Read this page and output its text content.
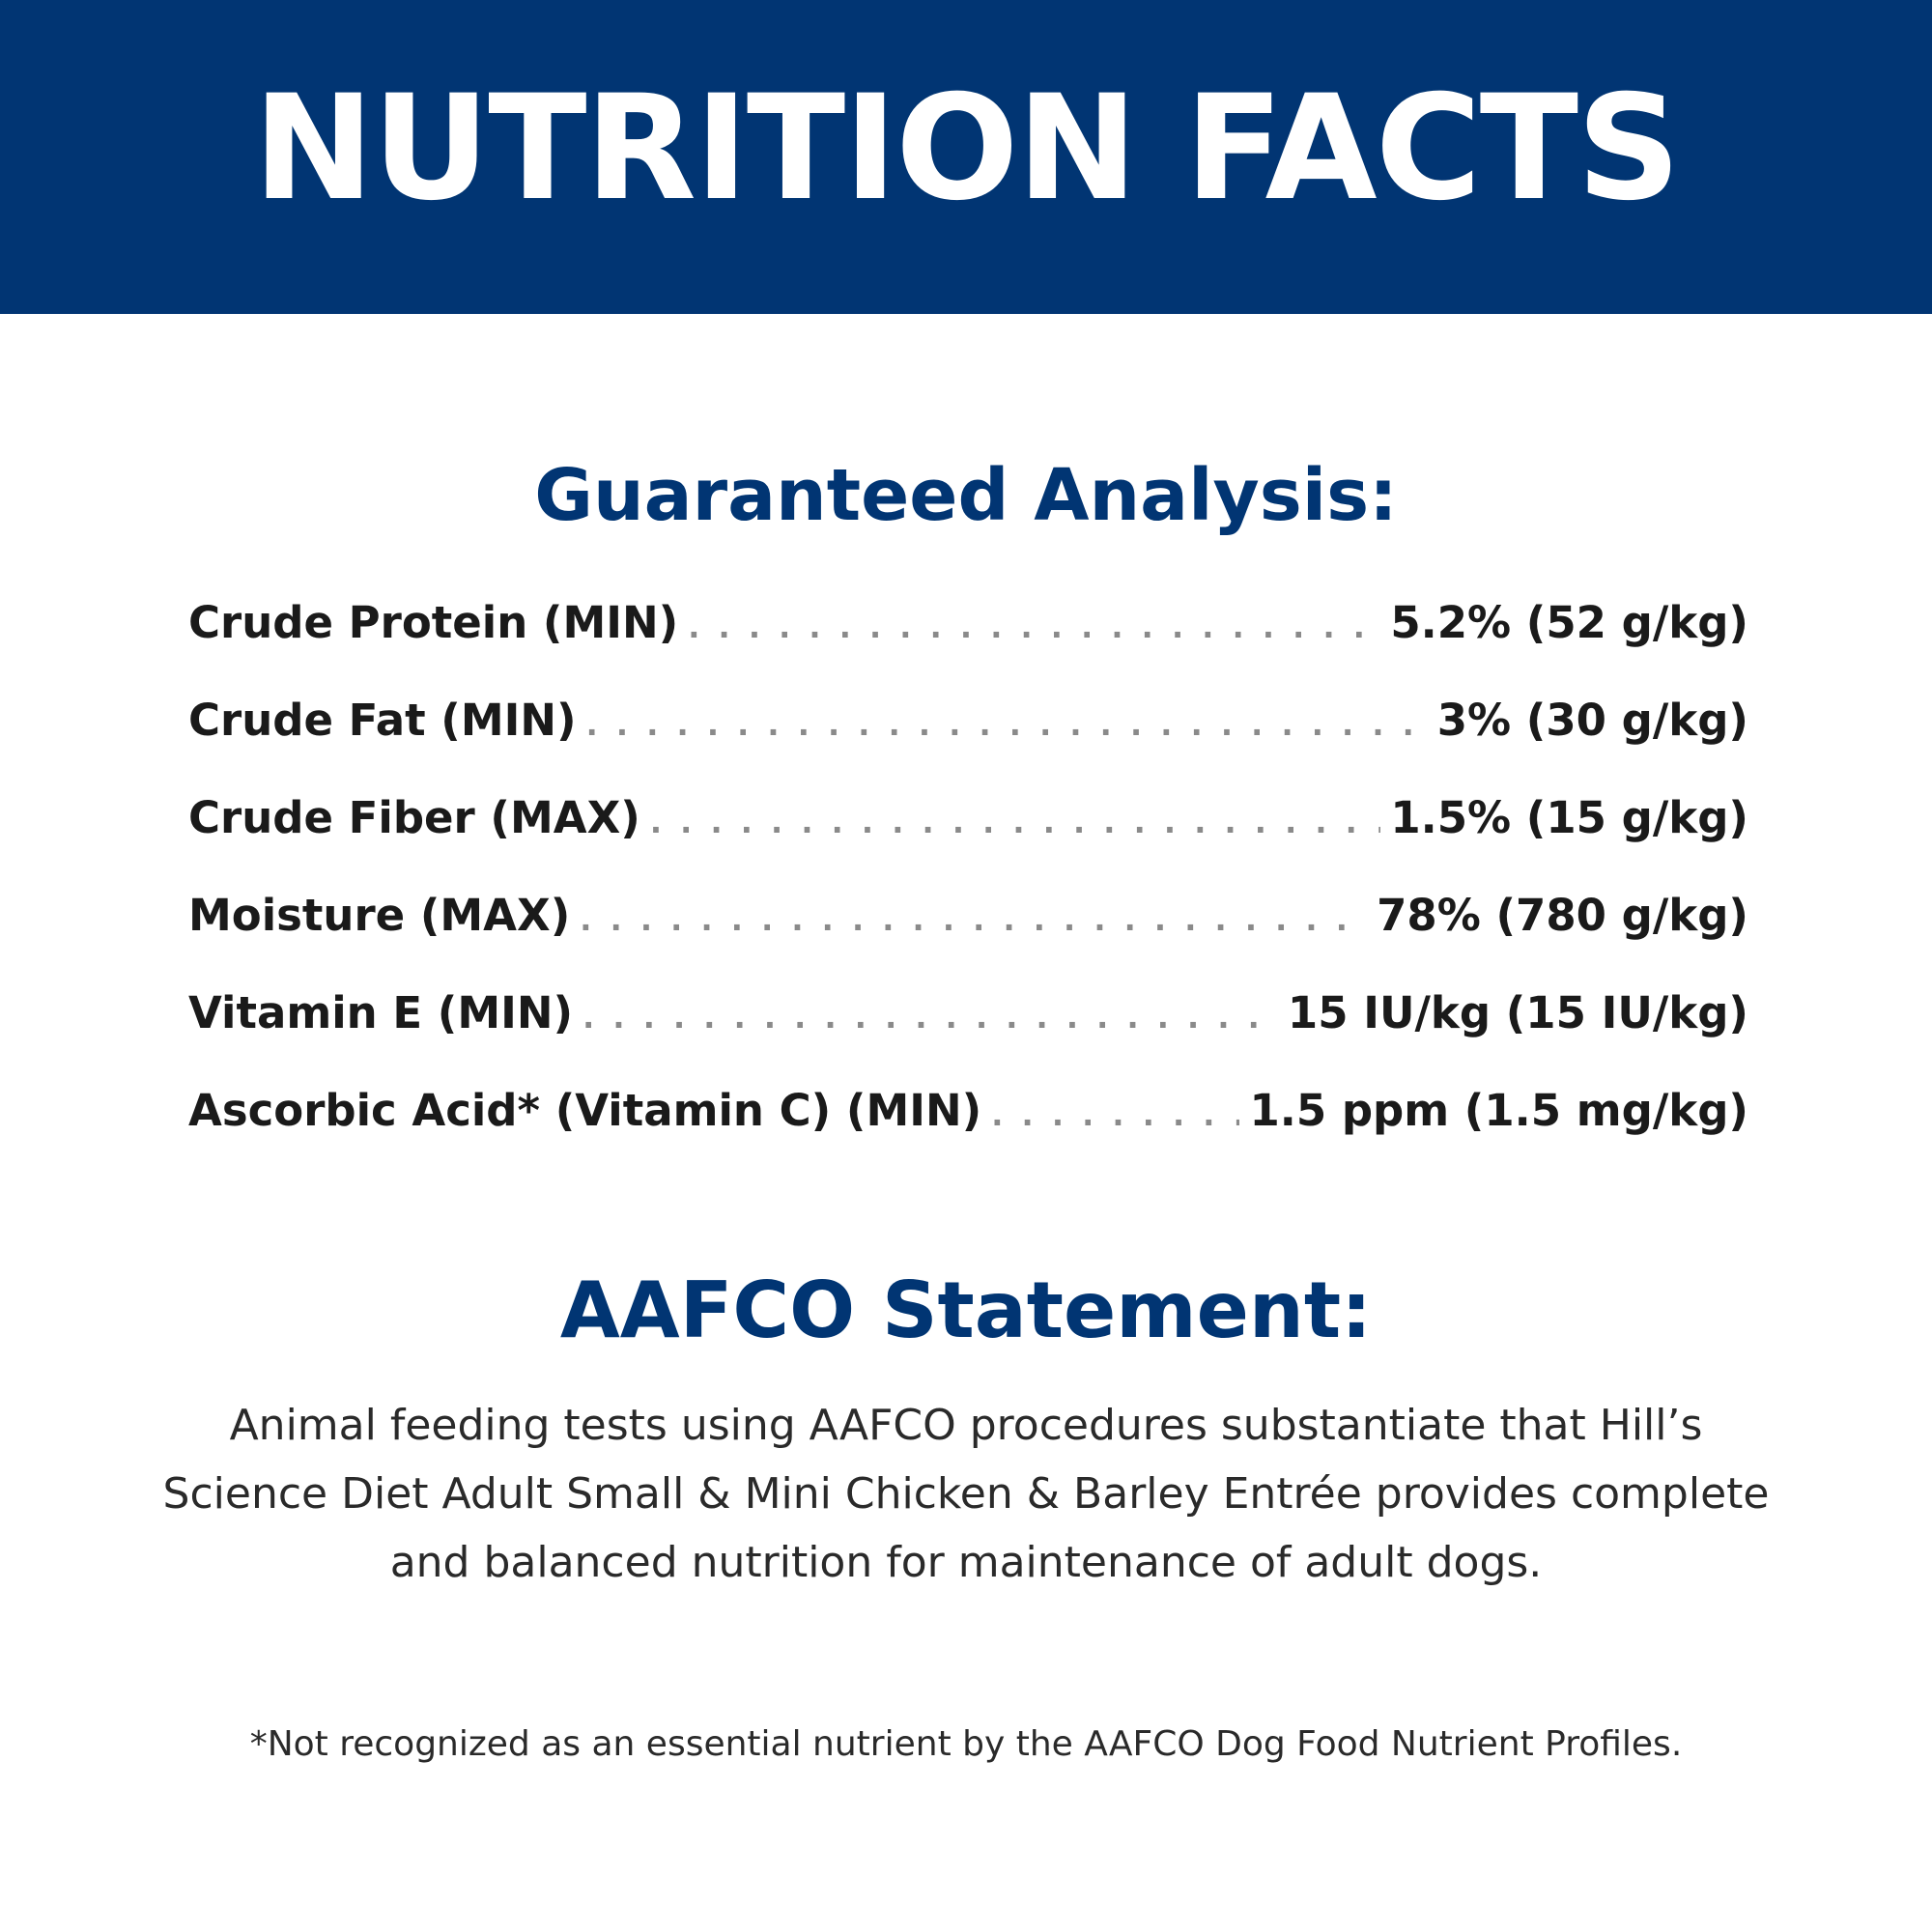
NUTRITION FACTS
Guaranteed Analysis:
Crude Protein (MIN) . . .	5.2% (52 g/kg)
Crude Fat (MIN) . . .	3% (30 g/kg)
Crude Fiber (MAX) . . .	1.5% (15 g/kg)
Moisture (MAX) . . .	78% (780 g/kg)
Vitamin E (MIN) . . .	15 IU/kg (15 IU/kg)
Ascorbic Acid* (Vitamin C) (MIN) . . .	1.5 ppm (1.5 mg/kg)
AAFCO Statement:

Animal feeding tests using AAFCO procedures substantiate that Hill’s Science Diet Adult Small & Mini Chicken & Barley Entrée provides complete and balanced nutrition for maintenance of adult dogs.

*Not recognized as an essential nutrient by the AAFCO Dog Food Nutrient Profiles.
